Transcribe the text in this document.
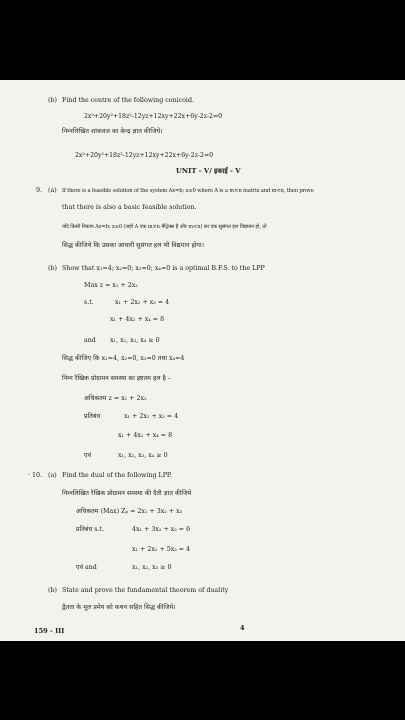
(b) Find the centre of the following conicoid.
2x²+20y²+18z²-12yz+12xy+22x+6y-2z-2=0
निम्नलिखित शांकवज का केन्द्र ज्ञात कीजिये।
2x²+20y²+18z²-12yz+12xy+22x+6y-2z-2=0
UNIT - V/ इकाई - V
9. (a) If there is a feasible solution of the system Ax=b; x≥0 where A is a m×n matrix and m<n, then prove
that there is also a basic feasible solution.
यदि किसी निकाय Ax=b; x≥0 (जहाँ A एक m×n मैट्रिक्स है और m<n) का एक सुसंगत हल विद्यमान हो, तो
सिद्ध कीजिये कि उसका आधारी सुसंगत हल भी विद्यमान होगा।
(b) Show that x₁=4; x₂=0; x₃=0; x₄=0 is a optimal B.F.S. to the LPP
Max z = x₁ + 2x₂
s.t.	x₁ + 2x₂ + x₃ = 4
x₁ + 4x₂ + x₄ = 8
and x₁, x₂, x₃, x₄ ≥ 0
सिद्ध कीजिए कि x₁=4, x₂=0, x₃=0 तथा x₄=4
निम्न रैखिक प्रोग्रामन समस्या का इष्टतम हल है –
अधिकतम z = x₁ + 2x₂
प्रतिबंध	x₁ + 2x₂ + x₃ = 4
x₁ + 4x₂ + x₄ = 8
एवं	x₁, x₂, x₃, x₄ ≥ 0
· 10. (a) Find the dual of the following LPP.
निम्नलिखित रैखिक प्रोग्रामन समस्या की दैती ज्ञात कीजिये
अधिकतम (Max) Zₚ = 2x₁ + 3x₂ + x₃
प्रतिबंध s.t.	4x₁ + 3x₂ + x₃ = 6
x₁ + 2x₂ + 5x₃ = 4
एवं and	x₁, x₂, x₃ ≥ 0
(b) State and prove the fundamental theorem of duality
द्वैतता के मूल प्रमेय को कथन सहित सिद्ध कीजिये।
159 - III	4
